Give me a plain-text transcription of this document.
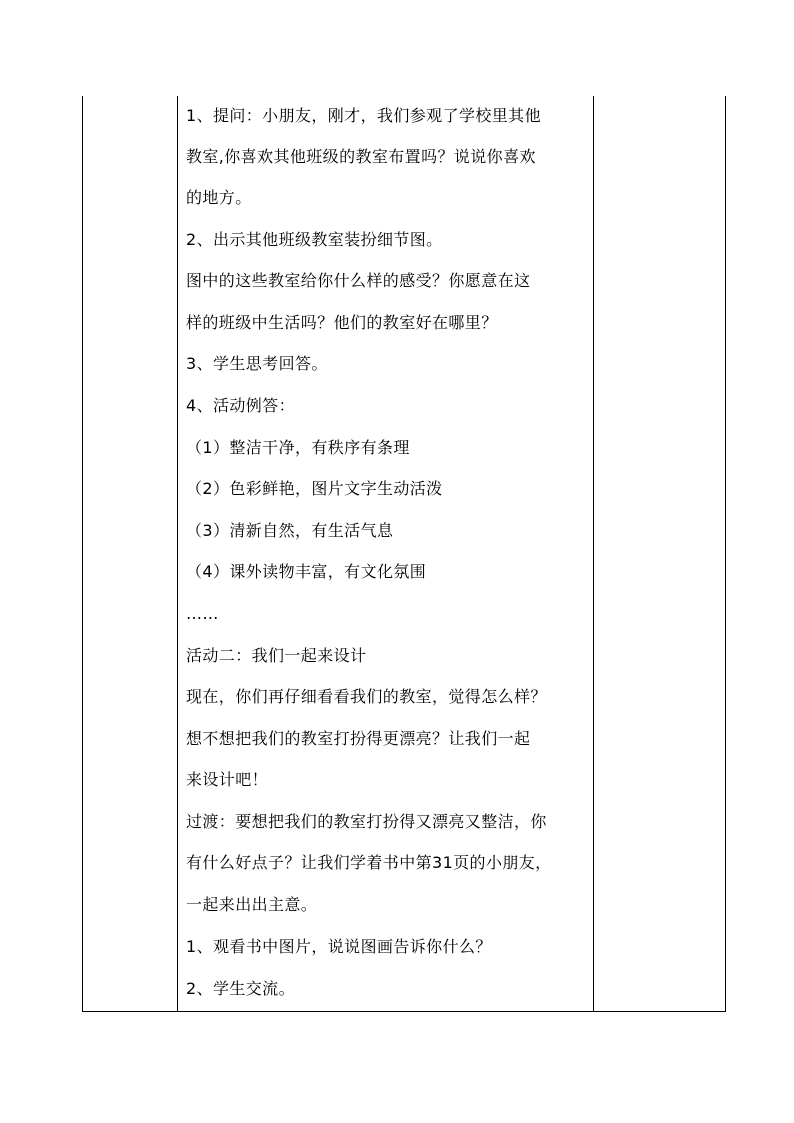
1、提问：小朋友，刚才，我们参观了学校里其他
教室,你喜欢其他班级的教室布置吗？说说你喜欢
的地方。
2、出示其他班级教室装扮细节图。
图中的这些教室给你什么样的感受？你愿意在这
样的班级中生活吗？他们的教室好在哪里？
3、学生思考回答。
4、活动例答：
（1）整洁干净，有秩序有条理
（2）色彩鲜艳，图片文字生动活泼
（3）清新自然，有生活气息
（4）课外读物丰富，有文化氛围
……
活动二：我们一起来设计
现在，你们再仔细看看我们的教室，觉得怎么样？
想不想把我们的教室打扮得更漂亮？让我们一起
来设计吧！
过渡：要想把我们的教室打扮得又漂亮又整洁，你
有什么好点子？让我们学着书中第31页的小朋友，
一起来出出主意。
1、观看书中图片，说说图画告诉你什么？
2、学生交流。
